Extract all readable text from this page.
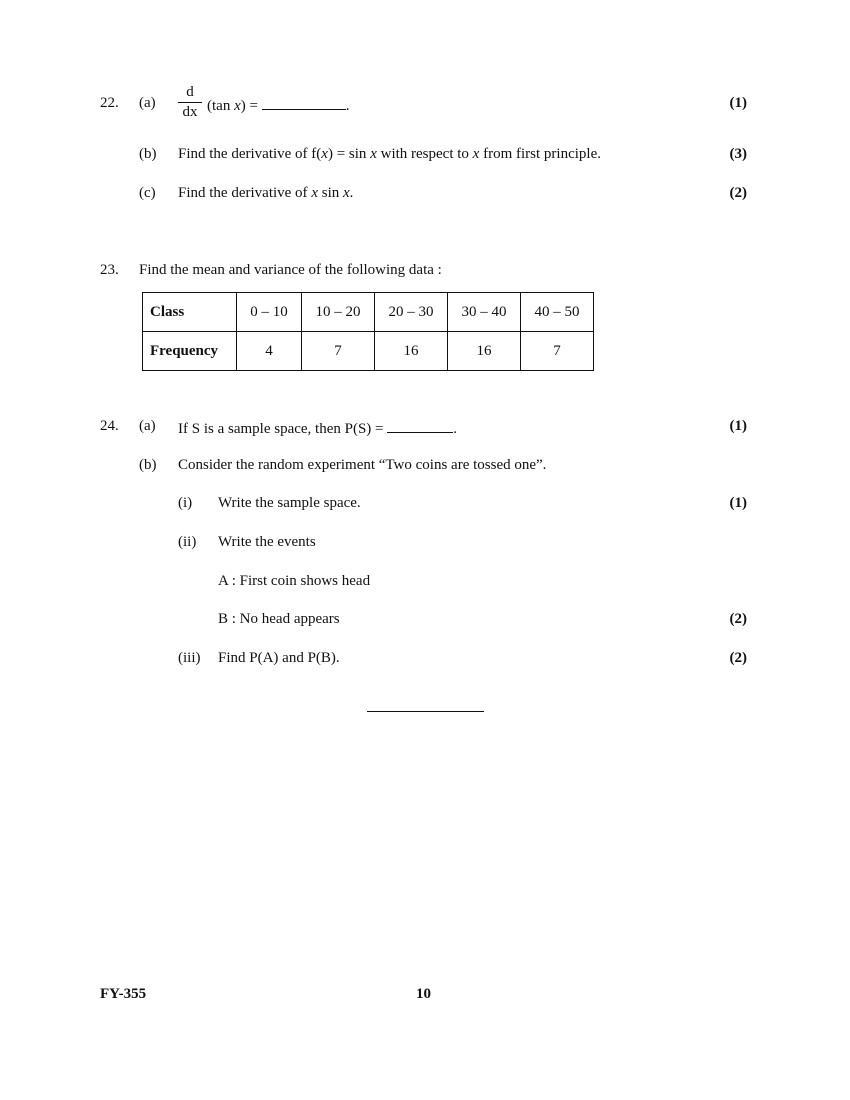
22. (a)
d
dx (tan x) =	.	(1)
(b) Find the derivative of f(x) = sin x with respect to x from first principle.	(3)
(c) Find the derivative of x sin x.	(2)
23. Find the mean and variance of the following data :
Class	0 – 10	10 – 20	20 – 30	30 – 40	40 – 50
Frequency	4	7	16	16	7
24. (a) If S is a sample space, then P(S) =	.	(1)
(b) Consider the random experiment “Two coins are tossed one”.
(i) Write the sample space.	(1)
(ii) Write the events
A : First coin shows head
B : No head appears	(2)
(iii) Find P(A) and P(B).	(2)
FY-355	10
